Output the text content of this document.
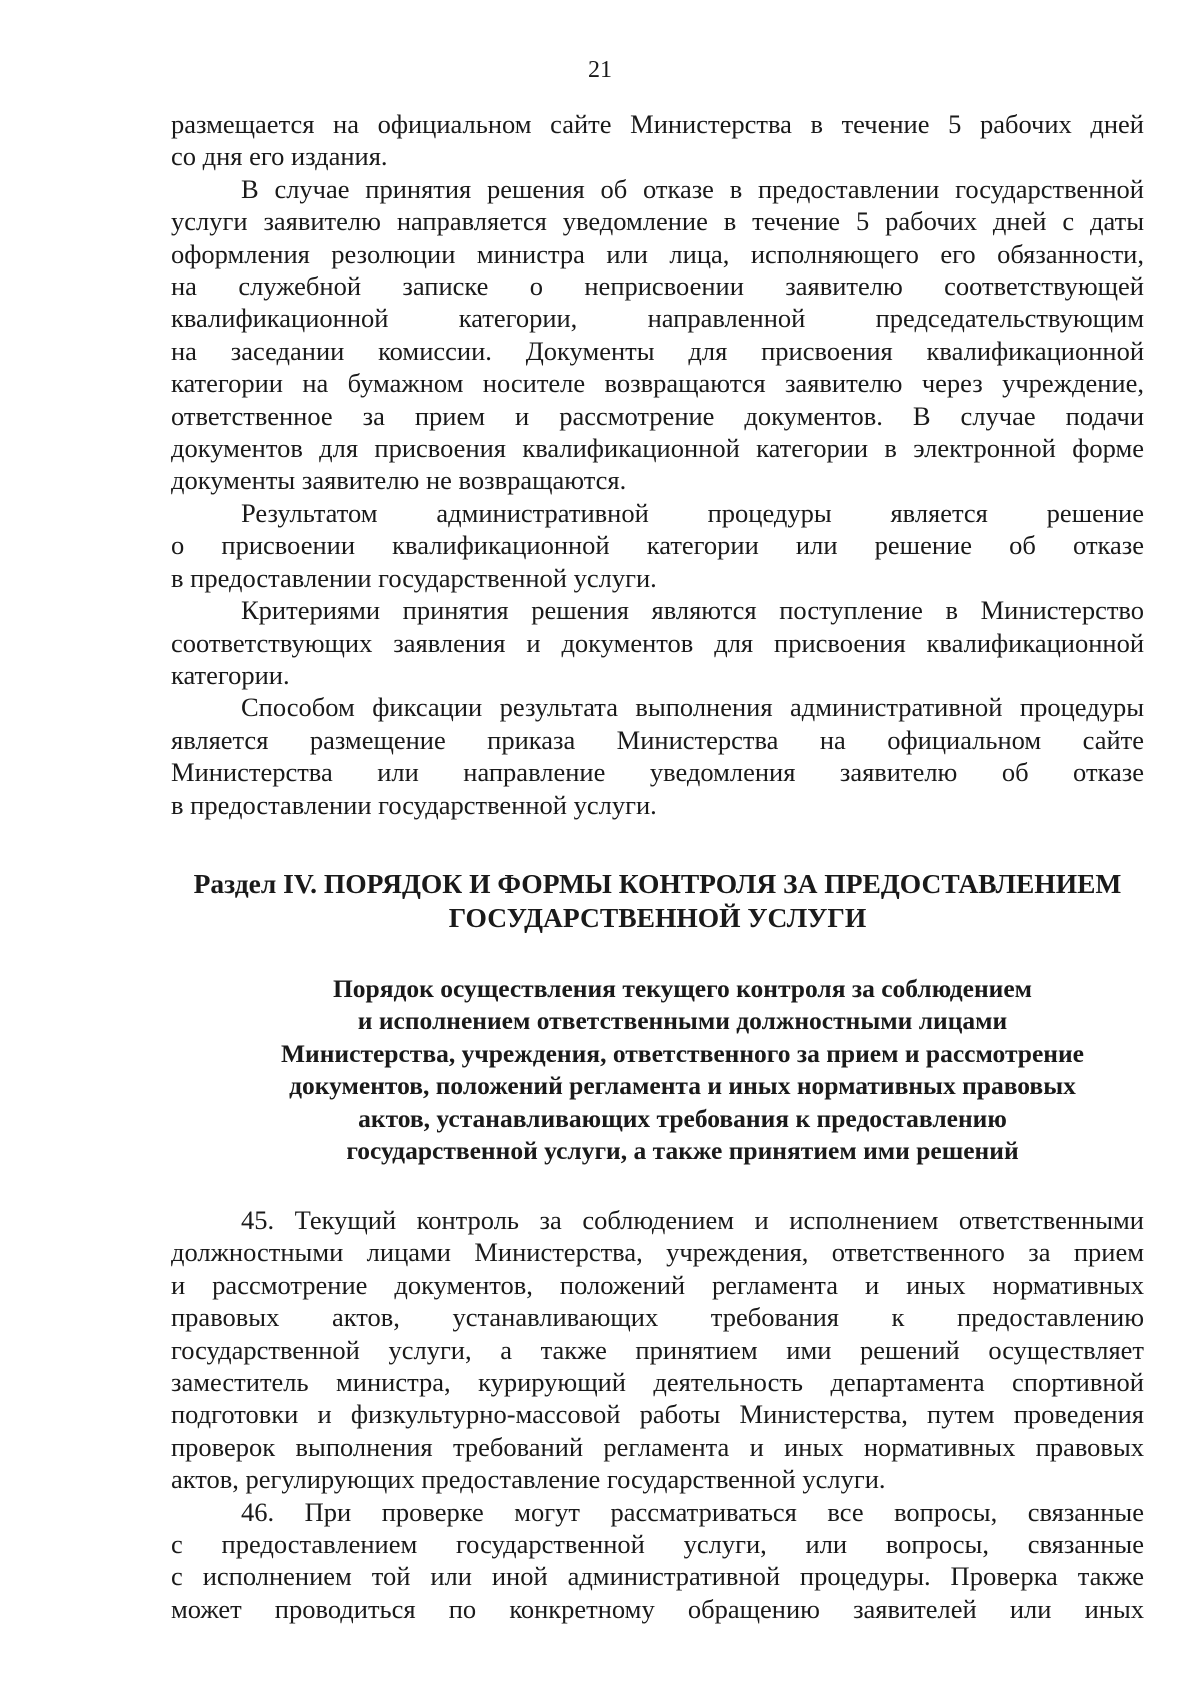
21
размещается на официальном сайте Министерства в течение 5 рабочих дней
со дня его издания.
В случае принятия решения об отказе в предоставлении государственной
услуги заявителю направляется уведомление в течение 5 рабочих дней с даты
оформления резолюции министра или лица, исполняющего его обязанности,
на служебной записке о неприсвоении заявителю соответствующей
квалификационной категории, направленной председательствующим
на заседании комиссии. Документы для присвоения квалификационной
категории на бумажном носителе возвращаются заявителю через учреждение,
ответственное за прием и рассмотрение документов. В случае подачи
документов для присвоения квалификационной категории в электронной форме
документы заявителю не возвращаются.
Результатом административной процедуры является решение
о присвоении квалификационной категории или решение об отказе
в предоставлении государственной услуги.
Критериями принятия решения являются поступление в Министерство
соответствующих заявления и документов для присвоения квалификационной
категории.
Способом фиксации результата выполнения административной процедуры
является размещение приказа Министерства на официальном сайте
Министерства или направление уведомления заявителю об отказе
в предоставлении государственной услуги.
Раздел IV. ПОРЯДОК И ФОРМЫ КОНТРОЛЯ ЗА ПРЕДОСТАВЛЕНИЕМ
ГОСУДАРСТВЕННОЙ УСЛУГИ
Порядок осуществления текущего контроля за соблюдением
и исполнением ответственными должностными лицами
Министерства, учреждения, ответственного за прием и рассмотрение
документов, положений регламента и иных нормативных правовых
актов, устанавливающих требования к предоставлению
государственной услуги, а также принятием ими решений
45. Текущий контроль за соблюдением и исполнением ответственными
должностными лицами Министерства, учреждения, ответственного за прием
и рассмотрение документов, положений регламента и иных нормативных
правовых актов, устанавливающих требования к предоставлению
государственной услуги, а также принятием ими решений осуществляет
заместитель министра, курирующий деятельность департамента спортивной
подготовки и физкультурно-массовой работы Министерства, путем проведения
проверок выполнения требований регламента и иных нормативных правовых
актов, регулирующих предоставление государственной услуги.
46. При проверке могут рассматриваться все вопросы, связанные
с предоставлением государственной услуги, или вопросы, связанные
с исполнением той или иной административной процедуры. Проверка также
может проводиться по конкретному обращению заявителей или иных
